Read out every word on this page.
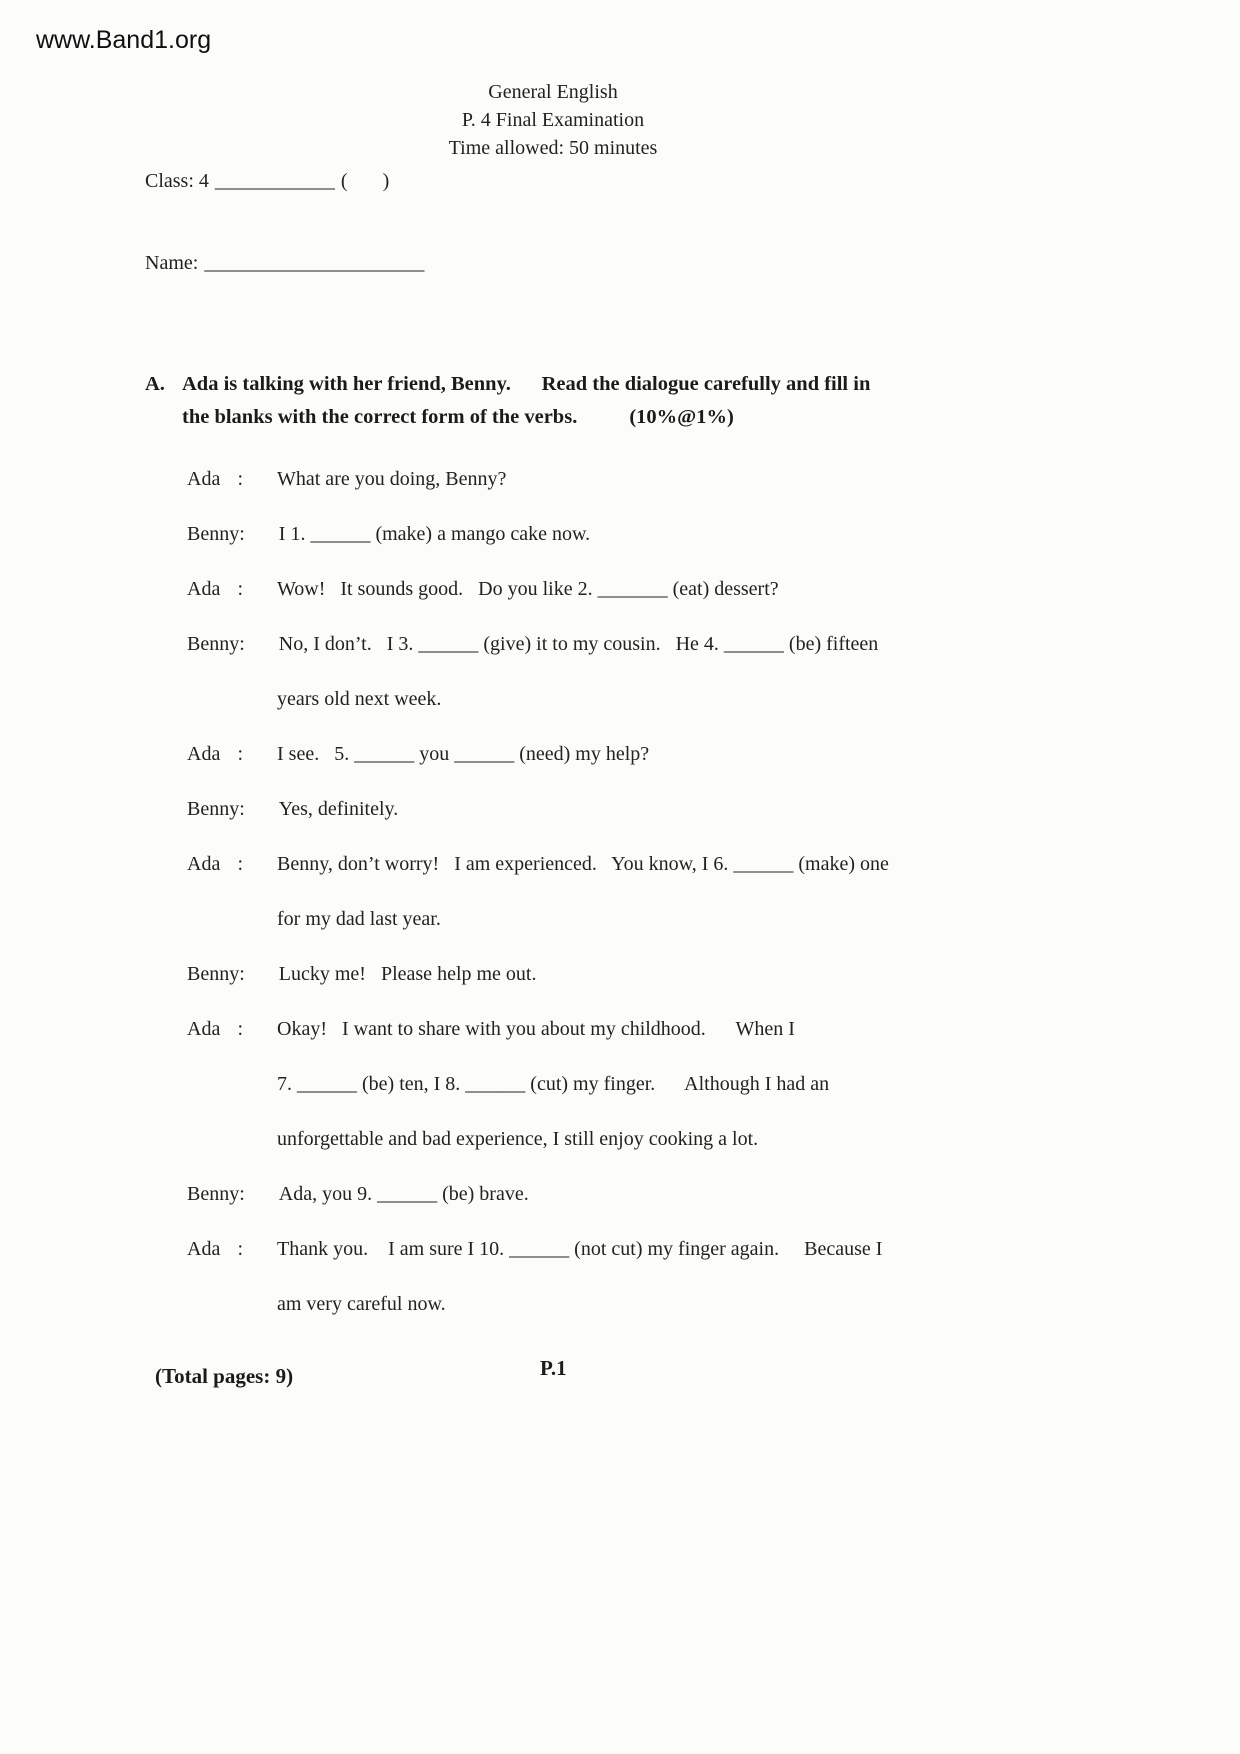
www.Band1.org
General English
P. 4 Final Examination
Time allowed: 50 minutes
Class: 4 ____________ (       )
Name: ______________________
A. Ada is talking with her friend, Benny.      Read the dialogue carefully and fill in
the blanks with the correct form of the verbs.	(10%@1%)
Ada : What are you doing, Benny?
Benny: I 1. ______ (make) a mango cake now.
Ada : Wow!   It sounds good.   Do you like 2. _______ (eat) dessert?
Benny: No, I don’t.   I 3. ______ (give) it to my cousin.   He 4. ______ (be) fifteen
years old next week.
Ada : I see.   5. ______ you ______ (need) my help?
Benny: Yes, definitely.
Ada : Benny, don’t worry!   I am experienced.   You know, I 6. ______ (make) one
for my dad last year.
Benny: Lucky me!   Please help me out.
Ada : Okay!   I want to share with you about my childhood.      When I
7. ______ (be) ten, I 8. ______ (cut) my finger.      Although I had an
unforgettable and bad experience, I still enjoy cooking a lot.
Benny: Ada, you 9. ______ (be) brave.
Ada : Thank you.    I am sure I 10. ______ (not cut) my finger again.     Because I
am very careful now.
(Total pages: 9)	P.1
